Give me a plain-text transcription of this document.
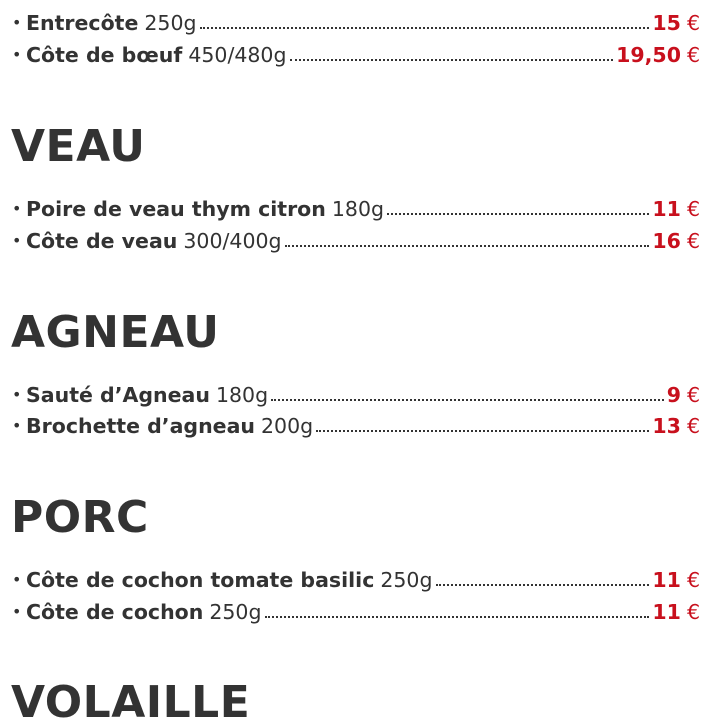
• Entrecôte 250g	15 €
• Côte de bœuf 450/480g	19,50 €
VEAU
• Poire de veau thym citron 180g	11 €
• Côte de veau 300/400g	16 €
AGNEAU
• Sauté d’Agneau 180g	9 €
• Brochette d’agneau 200g	13 €
PORC
• Côte de cochon tomate basilic 250g	11 €
• Côte de cochon 250g	11 €
VOLAILLE
